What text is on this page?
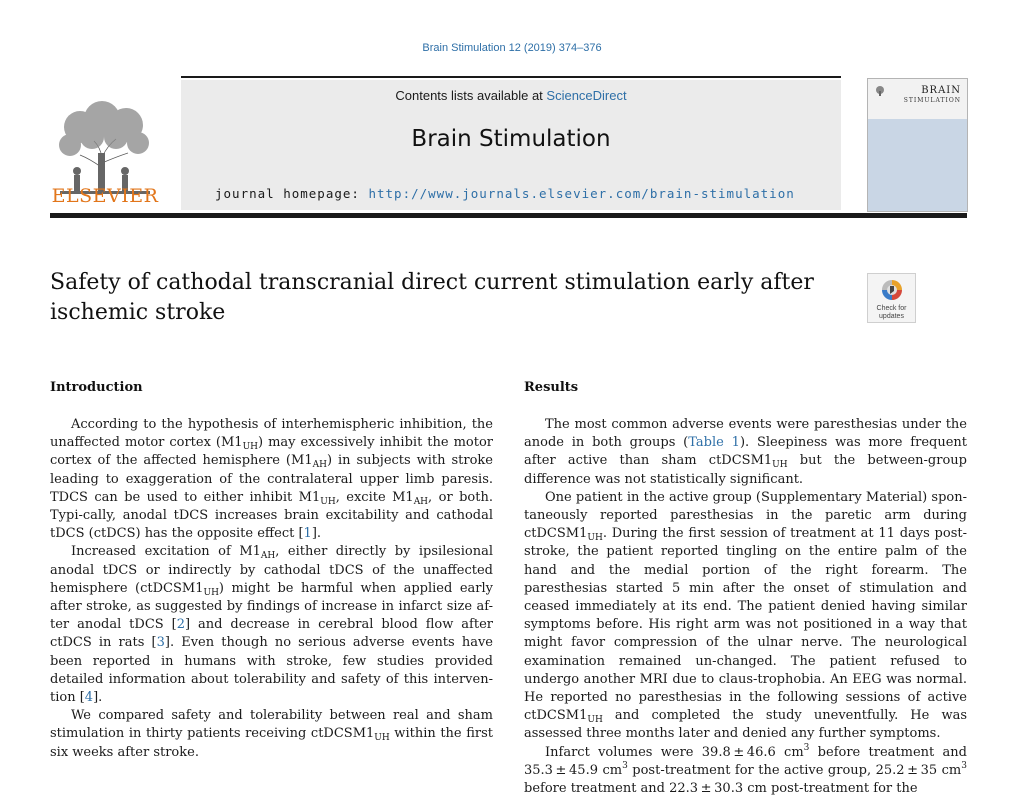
Brain Stimulation 12 (2019) 374–376
ELSEVIER
Contents lists available at ScienceDirect
Brain Stimulation
journal homepage: http://www.journals.elsevier.com/brain-stimulation
BRAIN
STIMULATION
Safety of cathodal transcranial direct current stimulation early after ischemic stroke	Check for updates
Introduction	Results

According to the hypothesis of interhemispheric inhibition, the unaffected motor cortex $(M1_{UH})$ may excessively inhibit the motor cortex of the affected hemisphere $(M1_{AH})$ in subjects with stroke leading to exaggeration of the contralateral upper limb paresis. TDCS can be used to either inhibit $M1_{UH}$, excite $M1_{AH}$, or both. Typi-cally, anodal tDCS increases brain excitability and cathodal tDCS (ctDCS) has the opposite effect [1].

Increased excitation of $M1_{AH}$, either directly by ipsilesional anodal tDCS or indirectly by cathodal tDCS of the unaffected hemisphere $(ctDCSM1_{UH})$ might be harmful when applied early after stroke, as suggested by findings of increase in infarct size af-ter anodal tDCS [2] and decrease in cerebral blood flow after ctDCS in rats [3]. Even though no serious adverse events have been reported in humans with stroke, few studies provided detailed information about tolerability and safety of this interven-tion [4].

We compared safety and tolerability between real and sham stimulation in thirty patients receiving $ctDCSM1_{UH}$ within the first six weeks after stroke.

The most common adverse events were paresthesias under the anode in both groups (Table 1). Sleepiness was more frequent after active than sham $ctDCSM1_{UH}$ but the between-group difference was not statistically significant.

One patient in the active group (Supplementary Material) spon-taneously reported paresthesias in the paretic arm during $ctDCSM1_{UH}$. During the first session of treatment at 11 days post-stroke, the patient reported tingling on the entire palm of the hand and the medial portion of the right forearm. The paresthesias started 5 min after the onset of stimulation and ceased immediately at its end. The patient denied having similar symptoms before. His right arm was not positioned in a way that might favor compression of the ulnar nerve. The neurological examination remained un-changed. The patient refused to undergo another MRI due to claus-trophobia. An EEG was normal. He reported no paresthesias in the following sessions of active $ctDCSM1_{UH}$ and completed the study uneventfully. He was assessed three months later and denied any further symptoms.

Infarct volumes were 39.8 ± 46.6 $cm^3$ before treatment and 35.3 ± 45.9 $cm^3$ post-treatment for the active group, 25.2 ± 35 $cm^3$ before treatment and 22.3 ± 30.3 cm post-treatment for the
